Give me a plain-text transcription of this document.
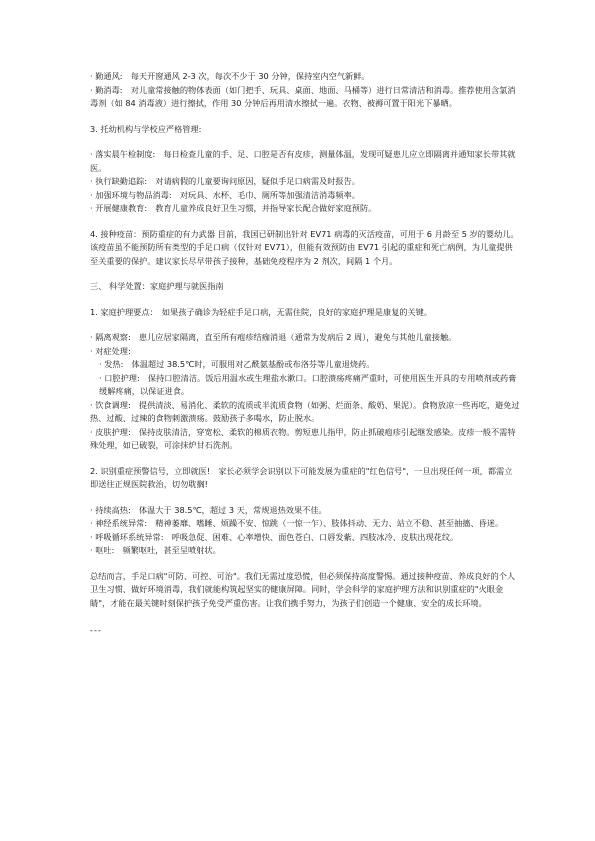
· 勤通风:　每天开窗通风 2-3 次，每次不少于 30 分钟，保持室内空气新鲜。

· 勤消毒:　对儿童常接触的物体表面（如门把手、玩具、桌面、地面、马桶等）进行日常清洁和消毒。推荐使用含氯消毒剂（如 84 消毒液）进行擦拭，作用 30 分钟后再用清水擦拭一遍。衣物、被褥可置于阳光下暴晒。

3. 托幼机构与学校应严格管理:

· 落实晨午检制度:　每日检查儿童的手、足、口腔是否有皮疹，测量体温，发现可疑患儿应立即隔离并通知家长带其就医。

· 执行缺勤追踪:　对请病假的儿童要询问原因，疑似手足口病需及时报告。

· 加强环境与物品消毒:　对玩具、水杯、毛巾、厕所等加强清洁消毒频率。

· 开展健康教育:　教育儿童养成良好卫生习惯，并指导家长配合做好家庭预防。

4. 接种疫苗：预防重症的有力武器 目前，我国已研制出针对 EV71 病毒的灭活疫苗，可用于 6 月龄至 5 岁的婴幼儿。该疫苗虽不能预防所有类型的手足口病（仅针对 EV71），但能有效预防由 EV71 引起的重症和死亡病例，为儿童提供至关重要的保护。建议家长尽早带孩子接种，基础免疫程序为 2 剂次，间隔 1 个月。

三、 科学处置：家庭护理与就医指南

1. 家庭护理要点：　如果孩子确诊为轻症手足口病，无需住院，良好的家庭护理是康复的关键。

· 隔离观察:　患儿应居家隔离，直至所有疱疹结痂消退（通常为发病后 2 周），避免与其他儿童接触。

· 对症处理:

· 发热:　体温超过 38.5℃时，可服用对乙酰氨基酚或布洛芬等儿童退烧药。

· 口腔护理:　保持口腔清洁。饭后用温水或生理盐水漱口。口腔溃疡疼痛严重时，可使用医生开具的专用喷剂或药膏缓解疼痛，以保证进食。

· 饮食调理:　提供清淡、易消化、柔软的流质或半流质食物（如粥、烂面条、酸奶、果泥）。食物放凉一些再吃，避免过热、过酸、过辣的食物刺激溃疡。鼓励孩子多喝水，防止脱水。

· 皮肤护理:　保持皮肤清洁，穿宽松、柔软的棉质衣物。剪短患儿指甲，防止抓破疱疹引起继发感染。皮疹一般不需特殊处理，如已破裂，可涂抹炉甘石洗剂。

2. 识别重症预警信号，立即就医!　家长必须学会识别以下可能发展为重症的"红色信号"，一旦出现任何一项，都需立即送往正规医院救治，切勿耽搁!

· 持续高热:　体温大于 38.5℃，超过 3 天，常规退热效果不佳。

· 神经系统异常:　精神萎靡、嗜睡、烦躁不安、惊跳（一惊一乍）、肢体抖动、无力、站立不稳、甚至抽搐、昏迷。

· 呼吸循环系统异常:　呼吸急促、困难、心率增快、面色苍白、口唇发紫、四肢冰冷、皮肤出现花纹。

· 呕吐:　频繁呕吐，甚至呈喷射状。

总结而言，手足口病"可防、可控、可治"。我们无需过度恐慌，但必须保持高度警惕。通过接种疫苗、养成良好的个人卫生习惯、做好环境消毒，我们就能构筑起坚实的健康屏障。同时，学会科学的家庭护理方法和识别重症的"火眼金睛"，才能在最关键时刻保护孩子免受严重伤害。让我们携手努力，为孩子们创造一个健康、安全的成长环境。

---
